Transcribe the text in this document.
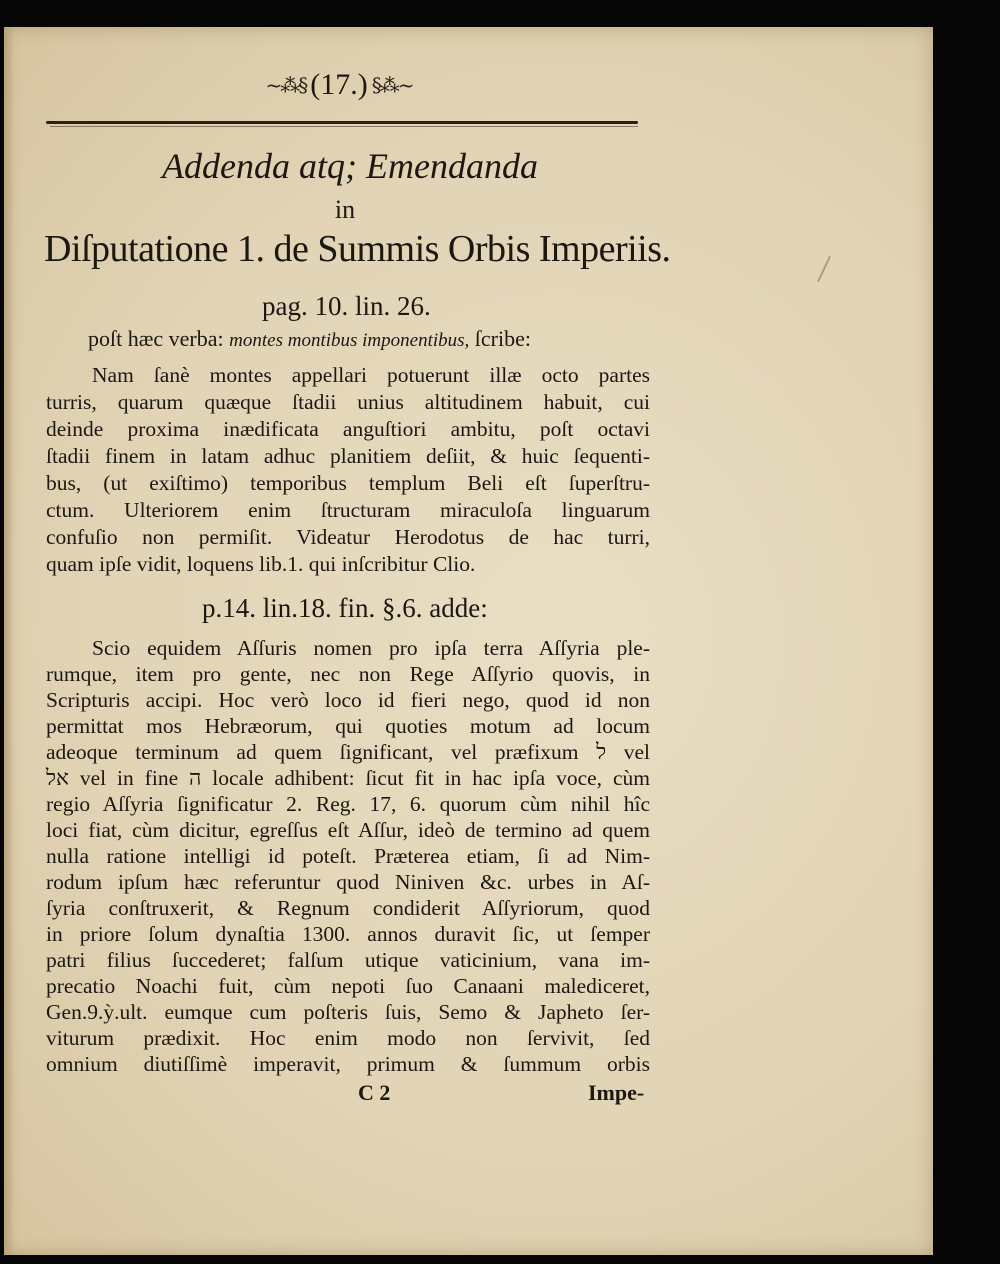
~⁂§ (17.) §⁂~
Addenda atq; Emendanda
in
Diſputatione 1. de Summis Orbis Imperiis.
pag. 10. lin. 26.
poſt hæc verba: montes montibus imponentibus, ſcribe:
Nam ſanè montes appellari potuerunt illæ octo partes
turris, quarum quæque ſtadii unius altitudinem habuit, cui
deinde proxima inædificata anguſtiori ambitu, poſt octavi
ſtadii finem in latam adhuc planitiem deſiit, & huic ſequenti-
bus, (ut exiſtimo) temporibus templum Beli eſt ſuperſtru-
ctum. Ulteriorem enim ſtructuram miraculoſa linguarum
confuſio non permiſit. Videatur Herodotus de hac turri,
quam ipſe vidit, loquens lib.1. qui inſcribitur Clio.
p.14. lin.18. fin. §.6. adde:
Scio equidem Aſſuris nomen pro ipſa terra Aſſyria ple-
rumque, item pro gente, nec non Rege Aſſyrio quovis, in
Scripturis accipi. Hoc verò loco id fieri nego, quod id non
permittat mos Hebræorum, qui quoties motum ad locum
adeoque terminum ad quem ſignificant, vel præfixum ל vel
אל vel in fine ה locale adhibent: ſicut fit in hac ipſa voce, cùm
regio Aſſyria ſignificatur 2. Reg. 17, 6. quorum cùm nihil hîc
loci fiat, cùm dicitur, egreſſus eſt Aſſur, ideò de termino ad quem
nulla ratione intelligi id poteſt. Præterea etiam, ſi ad Nim-
rodum ipſum hæc referuntur quod Niniven &c. urbes in Aſ-
ſyria conſtruxerit, & Regnum condiderit Aſſyriorum, quod
in priore ſolum dynaſtia 1300. annos duravit ſic, ut ſemper
patri filius ſuccederet; falſum utique vaticinium, vana im-
precatio Noachi fuit, cùm nepoti ſuo Canaani malediceret,
Gen.9.ỳ.ult. eumque cum poſteris ſuis, Semo & Japheto ſer-
viturum prædixit. Hoc enim modo non ſervivit, ſed
omnium diutiſſimè imperavit, primum & ſummum orbis
C 2	Impe-
